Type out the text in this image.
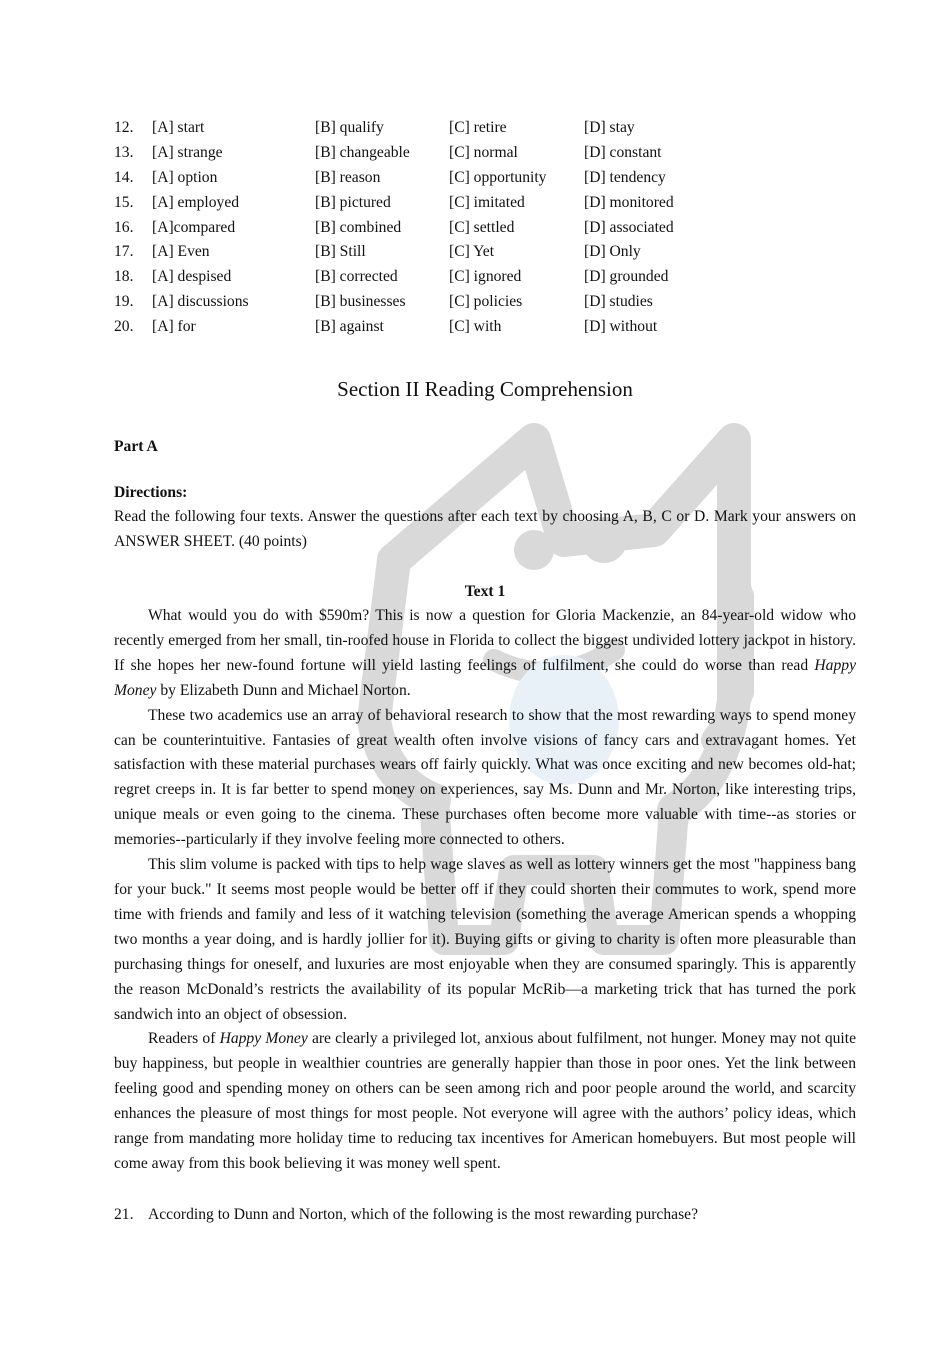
12. [A] start	[B] qualify	[C] retire	[D] stay
13. [A] strange	[B] changeable	[C] normal	[D] constant
14. [A] option	[B] reason	[C] opportunity [D] tendency
15. [A] employed	[B] pictured	[C] imitated	[D] monitored
16. [A]compared	[B] combined	[C] settled	[D] associated
17. [A] Even	[B] Still	[C] Yet	[D] Only
18. [A] despised	[B] corrected	[C] ignored	[D] grounded
19. [A] discussions	[B] businesses	[C] policies	[D] studies
20. [A] for	[B] against	[C] with	[D] without
Section II Reading Comprehension
Part A
Directions:
Read the following four texts. Answer the questions after each text by choosing A, B, C or D. Mark your answers on ANSWER SHEET. (40 points)
Text 1

What would you do with $590m? This is now a question for Gloria Mackenzie, an 84-year-old widow who recently emerged from her small, tin-roofed house in Florida to collect the biggest undivided lottery jackpot in history. If she hopes her new-found fortune will yield lasting feelings of fulfilment, she could do worse than read Happy Money by Elizabeth Dunn and Michael Norton.

These two academics use an array of behavioral research to show that the most rewarding ways to spend money can be counterintuitive. Fantasies of great wealth often involve visions of fancy cars and extravagant homes. Yet satisfaction with these material purchases wears off fairly quickly. What was once exciting and new becomes old-hat; regret creeps in. It is far better to spend money on experiences, say Ms. Dunn and Mr. Norton, like interesting trips, unique meals or even going to the cinema. These purchases often become more valuable with time--as stories or memories--particularly if they involve feeling more connected to others.

This slim volume is packed with tips to help wage slaves as well as lottery winners get the most "happiness bang for your buck." It seems most people would be better off if they could shorten their commutes to work, spend more time with friends and family and less of it watching television (something the average American spends a whopping two months a year doing, and is hardly jollier for it). Buying gifts or giving to charity is often more pleasurable than purchasing things for oneself, and luxuries are most enjoyable when they are consumed sparingly. This is apparently the reason McDonald’s restricts the availability of its popular McRib—a marketing trick that has turned the pork sandwich into an object of obsession.

Readers of Happy Money are clearly a privileged lot, anxious about fulfilment, not hunger. Money may not quite buy happiness, but people in wealthier countries are generally happier than those in poor ones. Yet the link between feeling good and spending money on others can be seen among rich and poor people around the world, and scarcity enhances the pleasure of most things for most people. Not everyone will agree with the authors’ policy ideas, which range from mandating more holiday time to reducing tax incentives for American homebuyers. But most people will come away from this book believing it was money well spent.

21. According to Dunn and Norton, which of the following is the most rewarding purchase?
